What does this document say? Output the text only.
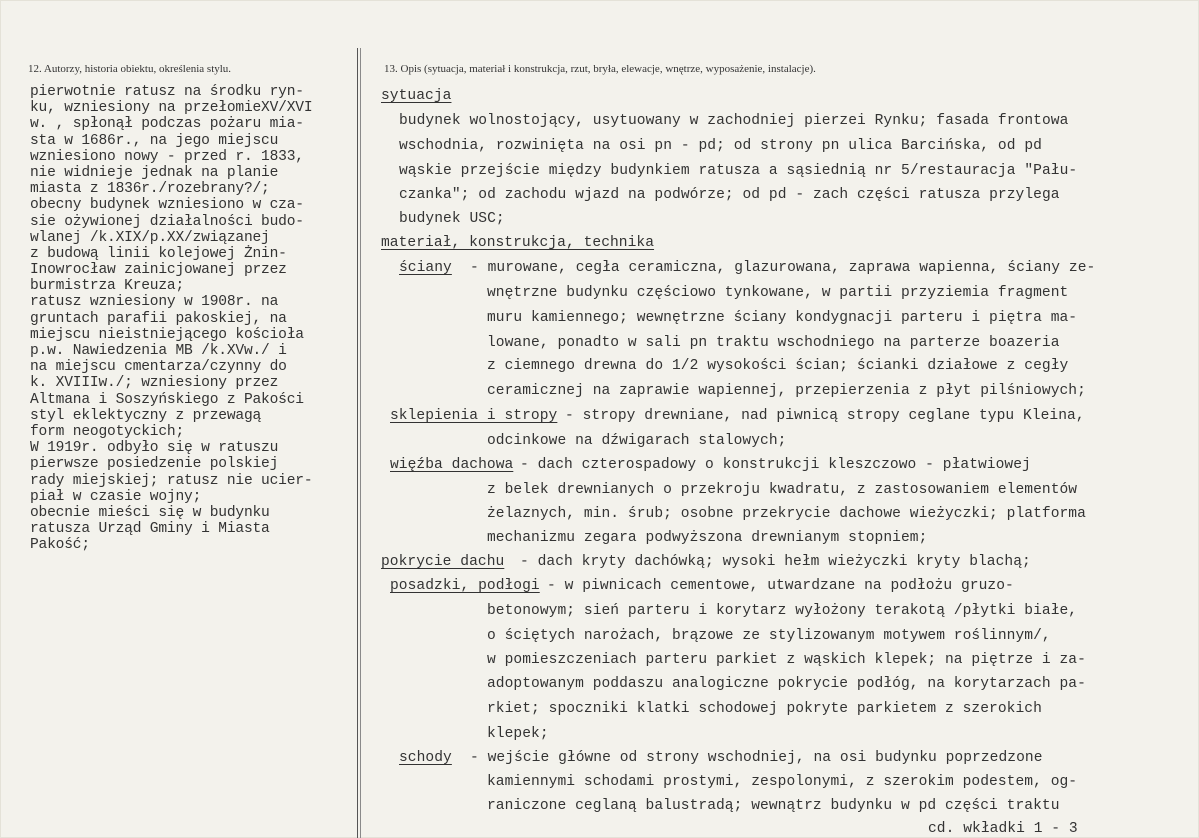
12. Autorzy, historia obiektu, określenia stylu.	13. Opis (sytuacja, materiał i konstrukcja, rzut, bryła, elewacje, wnętrze, wyposażenie, instalacje).
pierwotnie ratusz na środku ryn-
ku, wzniesiony na przełomieXV/XVI
w. , spłonął podczas pożaru mia-
sta w 1686r., na jego miejscu
wzniesiono nowy - przed r. 1833,
nie widnieje jednak na planie
miasta z 1836r./rozebrany?/;
obecny budynek wzniesiono w cza-
sie ożywionej działalności budo-
wlanej /k.XIX/p.XX/związanej
z budową linii kolejowej Żnin-
Inowrocław zainicjowanej przez
burmistrza Kreuza;
ratusz wzniesiony w 1908r. na
gruntach parafii pakoskiej, na
miejscu nieistniejącego kościoła
p.w. Nawiedzenia MB /k.XVw./ i
na miejscu cmentarza/czynny do
k. XVIIIw./; wzniesiony przez
Altmana i Soszyńskiego z Pakości
styl eklektyczny z przewagą
form neogotyckich;
W 1919r. odbyło się w ratuszu
pierwsze posiedzenie polskiej
rady miejskiej; ratusz nie ucier-
piał w czasie wojny;
obecnie mieści się w budynku
ratusza Urząd Gminy i Miasta
Pakość;
sytuacja
budynek wolnostojący, usytuowany w zachodniej pierzei Rynku; fasada frontowa
wschodnia, rozwinięta na osi pn - pd; od strony pn ulica Barcińska, od pd
wąskie przejście między budynkiem ratusza a sąsiednią nr 5/restauracja "Pału-
czanka"; od zachodu wjazd na podwórze; od pd - zach części ratusza przylega
budynek USC;
materiał, konstrukcja, technika
ściany - murowane, cegła ceramiczna, glazurowana, zaprawa wapienna, ściany ze-
wnętrzne budynku częściowo tynkowane, w partii przyziemia fragment
muru kamiennego; wewnętrzne ściany kondygnacji parteru i piętra ma-
lowane, ponadto w sali pn traktu wschodniego na parterze boazeria
z ciemnego drewna do 1/2 wysokości ścian; ścianki działowe z cegły
ceramicznej na zaprawie wapiennej, przepierzenia z płyt pilśniowych;
sklepienia i stropy - stropy drewniane, nad piwnicą stropy ceglane typu Kleina,
odcinkowe na dźwigarach stalowych;
więźba dachowa - dach czterospadowy o konstrukcji kleszczowo - płatwiowej
z belek drewnianych o przekroju kwadratu, z zastosowaniem elementów
żelaznych, min. śrub; osobne przekrycie dachowe wieżyczki; platforma
mechanizmu zegara podwyższona drewnianym stopniem;
pokrycie dachu - dach kryty dachówką; wysoki hełm wieżyczki kryty blachą;
posadzki, podłogi - w piwnicach cementowe, utwardzane na podłożu gruzo-
betonowym; sień parteru i korytarz wyłożony terakotą /płytki białe,
o ściętych narożach, brązowe ze stylizowanym motywem roślinnym/,
w pomieszczeniach parteru parkiet z wąskich klepek; na piętrze i za-
adoptowanym poddaszu analogiczne pokrycie podłóg, na korytarzach pa-
rkiet; spoczniki klatki schodowej pokryte parkietem z szerokich
klepek;
schody - wejście główne od strony wschodniej, na osi budynku poprzedzone
kamiennymi schodami prostymi, zespolonymi, z szerokim podestem, og-
raniczone ceglaną balustradą; wewnątrz budynku w pd części traktu
cd. wkładki 1 - 3
